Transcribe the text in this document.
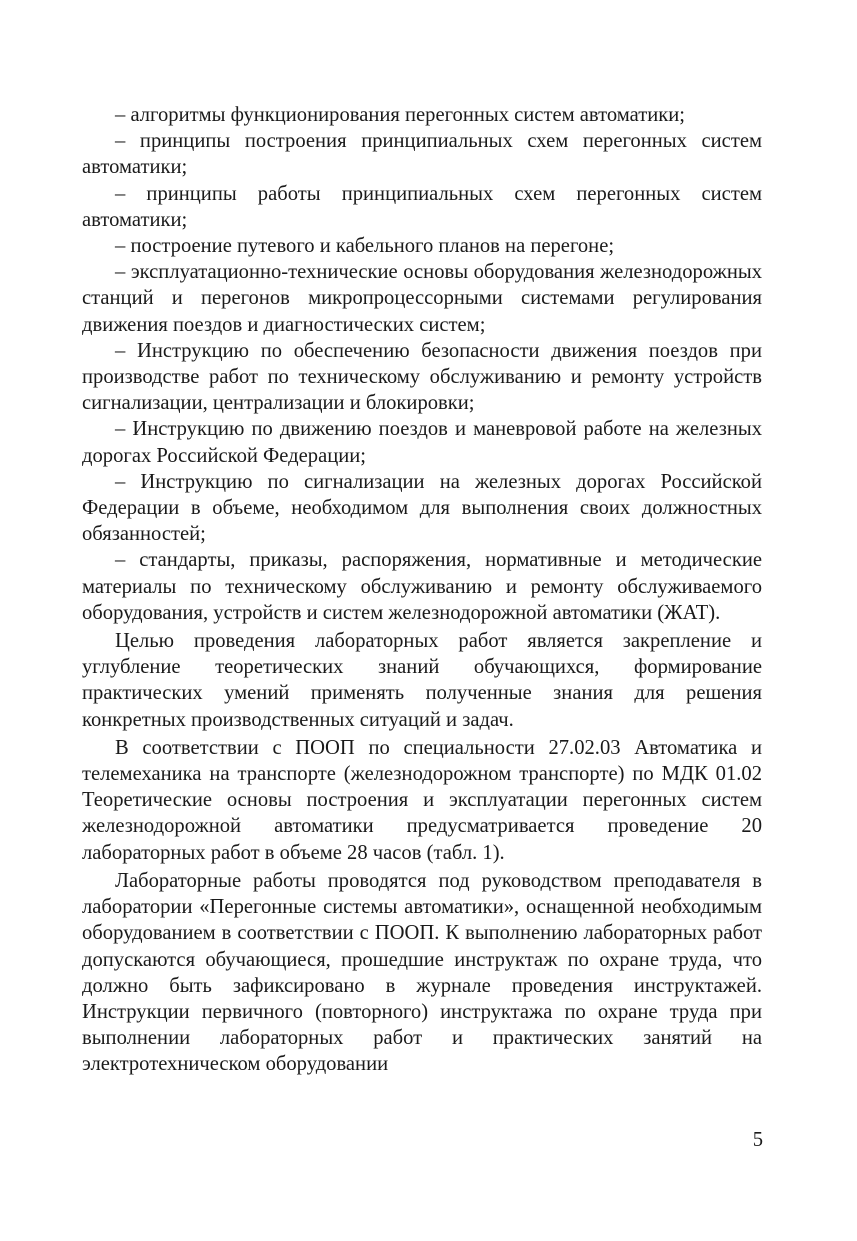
– алгоритмы функционирования перегонных систем автоматики;

– принципы построения принципиальных схем перегонных систем автоматики;

– принципы работы принципиальных схем перегонных систем автоматики;

– построение путевого и кабельного планов на перегоне;

– эксплуатационно-технические основы оборудования железнодорожных станций и перегонов микропроцессорными системами регулирования движения поездов и диагностических систем;

– Инструкцию по обеспечению безопасности движения поездов при производстве работ по техническому обслуживанию и ремонту устройств сигнализации, централизации и блокировки;

– Инструкцию по движению поездов и маневровой работе на железных дорогах Российской Федерации;

– Инструкцию по сигнализации на железных дорогах Российской Федерации в объеме, необходимом для выполнения своих должностных обязанностей;

– стандарты, приказы, распоряжения, нормативные и методические материалы по техническому обслуживанию и ремонту обслуживаемого оборудования, устройств и систем железнодорожной автоматики (ЖАТ).

Целью проведения лабораторных работ является закрепление и углубление теоретических знаний обучающихся, формирование практических умений применять полученные знания для решения конкретных производственных ситуаций и задач.

В соответствии с ПООП по специальности 27.02.03 Автоматика и телемеханика на транспорте (железнодорожном транспорте) по МДК 01.02 Теоретические основы построения и эксплуатации перегонных систем железнодорожной автоматики предусматривается проведение 20 лабораторных работ в объеме 28 часов (табл. 1).

Лабораторные работы проводятся под руководством преподавателя в лаборатории «Перегонные системы автоматики», оснащенной необходимым оборудованием в соответствии с ПООП. К выполнению лабораторных работ допускаются обучающиеся, прошедшие инструктаж по охране труда, что должно быть зафиксировано в журнале проведения инструктажей. Инструкции первичного (повторного) инструктажа по охране труда при выполнении лабораторных работ и практических занятий на электротехническом оборудовании

5
